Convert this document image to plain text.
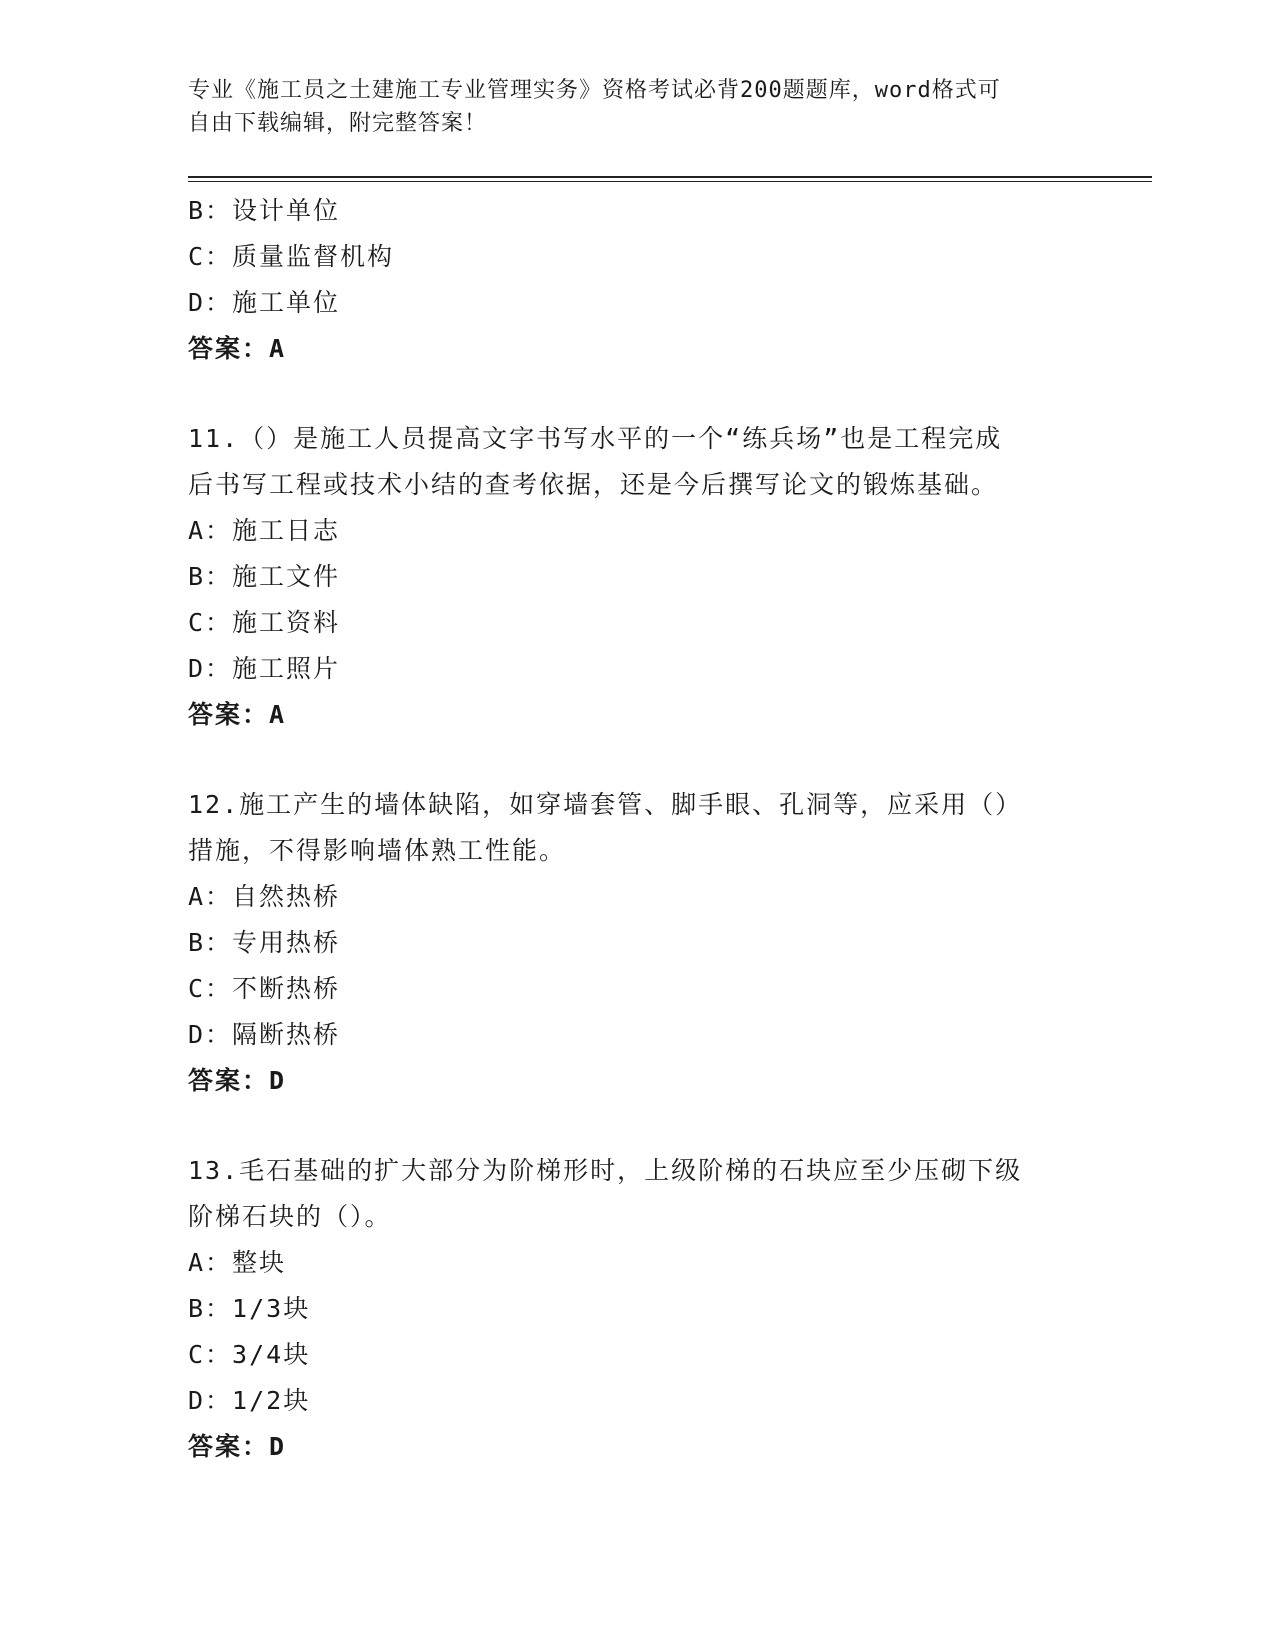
专业《施工员之土建施工专业管理实务》资格考试必背200题题库，word格式可
自由下载编辑，附完整答案！
B：设计单位
C：质量监督机构
D：施工单位
答案：A
11.（）是施工人员提高文字书写水平的一个“练兵场”也是工程完成
后书写工程或技术小结的查考依据，还是今后撰写论文的锻炼基础。
A：施工日志
B：施工文件
C：施工资料
D：施工照片
答案：A
12.施工产生的墙体缺陷，如穿墙套管、脚手眼、孔洞等，应采用（）
措施，不得影响墙体熟工性能。
A：自然热桥
B：专用热桥
C：不断热桥
D：隔断热桥
答案：D
13.毛石基础的扩大部分为阶梯形时，上级阶梯的石块应至少压砌下级
阶梯石块的（）。
A：整块
B：1/3块
C：3/4块
D：1/2块
答案：D
